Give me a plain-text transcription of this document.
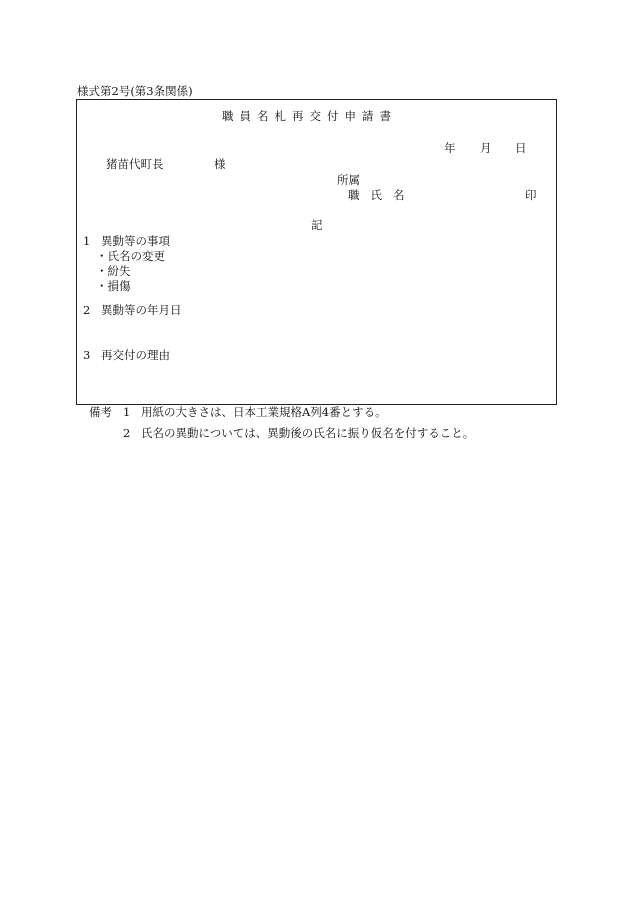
様式第2号(第3条関係)
職員名札再交付申請書
年 月 日
猪苗代町長	様
所属
職氏名	印
記
1 異動等の事項
・氏名の変更
・紛失
・損傷
2 異動等の年月日
3 再交付の理由
備考 1 用紙の大きさは、日本工業規格A列4番とする。
2 氏名の異動については、異動後の氏名に振り仮名を付すること。
